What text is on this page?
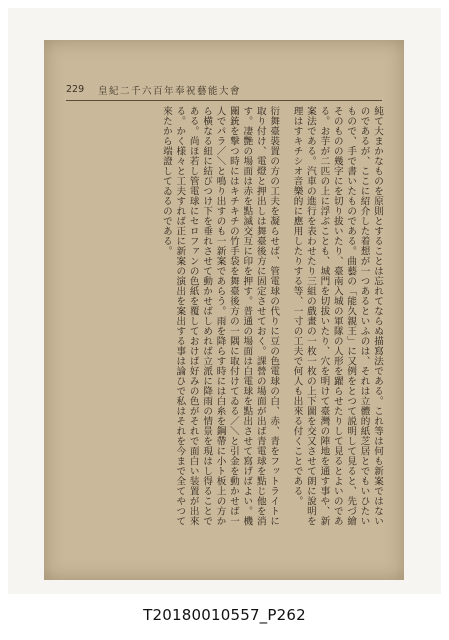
229 皇紀二千六百年奉祝藝能大會

純て大まかなものを原則とすることは忘れてならぬ描寫法である。これ等は何も新案ではないのであるが、ここに紹介した着想が一つあるといふのは、それは立體的紙芝居とでもいひたいもので、手で書いたものである。曲藝の「能久親王」に又例をとつて説明して見ると、先づ繪そのものの幾字にを切り拔いたり、臺南入城の軍隊の人形を躍らせたりして見るとよいのである。お芋が二匹の上に浮ぶことも、城門を切拔いたり、穴を明けて臺灣の陣地を通す事や、新案法である。汽車の進行を表わせたり三組の戲畫の一枚一枚の上下圖を交又させて朗に說明を理はすキチシオ音樂的に應用したりする等、一寸の工夫で何人も出來る付くことである。

衍舞臺裝置の方の工夫を凝らせば、管電球の代りに豆の色電球の白、赤、青をフットライトに取り付け、電燈と押出しは舞臺後方に固定させておく。課營の場面が出ば青電球を點じ他を消す。凄艷の場面は赤を點滅交互に印を押す。普通の場面は白電球を點出させて寫げばよい。機關銃を撃つ時にはキチキチの竹手袋を舞臺後方の一隅に取付けてゐる／＼と引金を動かせば一人でパラ／＼と鳴り出すのも一新案であらう。雨を降らす時には白糸を鋼帶に小ト板上の方から横なる紐に結びつけ下を垂れさせて動かせばしめれば立派に降雨の情景を現はし得ることである。尚ほ若し管電球にセロファンの色紙を覆しておけば好みの色がそれで面白い装置が出來る。かく様々と工夫すれば正に新案の演出を案出する事は論ひで私はそれを今まで全てやつて來たから端證してゐるのである。

T20180010557_P262
